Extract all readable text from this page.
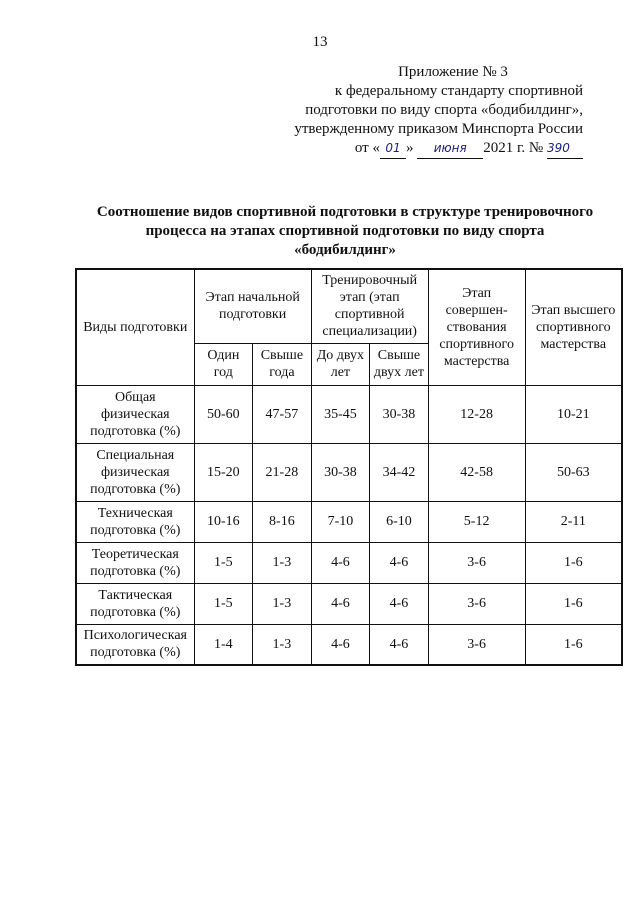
13
Приложение № 3
к федеральному стандарту спортивной
подготовки по виду спорта «бодибилдинг»,
утвержденному приказом Минспорта России
от « 01 » июня 2021 г. № 390
Соотношение видов спортивной подготовки в структуре тренировочного
процесса на этапах спортивной подготовки по виду спорта
«бодибилдинг»
Виды подготовки	Этап начальной подготовки		Тренировочный этап (этап спортивной специализации)		Этап совершен-ствования спортивного мастерства	Этап высшего спортивного мастерства
	Один год	Свыше года	До двух лет	Свыше двух лет		
Общая физическая подготовка (%)	50-60	47-57	35-45	30-38	12-28	10-21
Специальная физическая подготовка (%)	15-20	21-28	30-38	34-42	42-58	50-63
Техническая подготовка (%)	10-16	8-16	7-10	6-10	5-12	2-11
Теоретическая подготовка (%)	1-5	1-3	4-6	4-6	3-6	1-6
Тактическая подготовка (%)	1-5	1-3	4-6	4-6	3-6	1-6
Психологическая подготовка (%)	1-4	1-3	4-6	4-6	3-6	1-6
